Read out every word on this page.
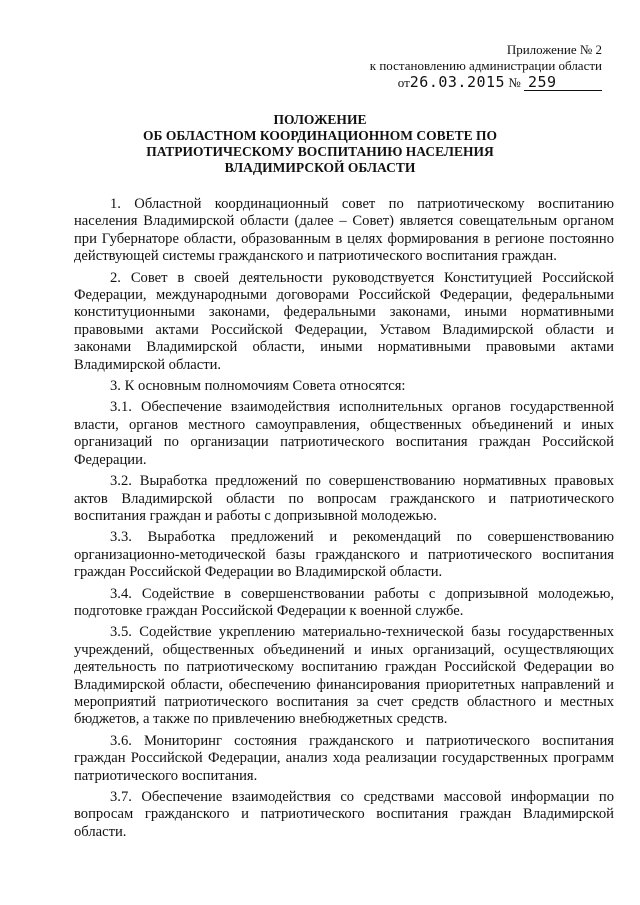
Приложение № 2
к постановлению администрации области
от26.03.2015 № 259
ПОЛОЖЕНИЕ
ОБ ОБЛАСТНОМ КООРДИНАЦИОННОМ СОВЕТЕ ПО
ПАТРИОТИЧЕСКОМУ ВОСПИТАНИЮ НАСЕЛЕНИЯ
ВЛАДИМИРСКОЙ ОБЛАСТИ

1. Областной координационный совет по патриотическому воспитанию населения Владимирской области (далее – Совет) является совещательным органом при Губернаторе области, образованным в целях формирования в регионе постоянно действующей системы гражданского и патриотического воспитания граждан.

2. Совет в своей деятельности руководствуется Конституцией Российской Федерации, международными договорами Российской Федерации, федеральными конституционными законами, федеральными законами, иными нормативными правовыми актами Российской Федерации, Уставом Владимирской области и законами Владимирской области, иными нормативными правовыми актами Владимирской области.

3. К основным полномочиям Совета относятся:

3.1. Обеспечение взаимодействия исполнительных органов государственной власти, органов местного самоуправления, общественных объединений и иных организаций по организации патриотического воспитания граждан Российской Федерации.

3.2. Выработка предложений по совершенствованию нормативных правовых актов Владимирской области по вопросам гражданского и патриотического воспитания граждан и работы с допризывной молодежью.

3.3. Выработка предложений и рекомендаций по совершенствованию организационно-методической базы гражданского и патриотического воспитания граждан Российской Федерации во Владимирской области.

3.4. Содействие в совершенствовании работы с допризывной молодежью, подготовке граждан Российской Федерации к военной службе.

3.5. Содействие укреплению материально-технической базы государственных учреждений, общественных объединений и иных организаций, осуществляющих деятельность по патриотическому воспитанию граждан Российской Федерации во Владимирской области, обеспечению финансирования приоритетных направлений и мероприятий патриотического воспитания за счет средств областного и местных бюджетов, а также по привлечению внебюджетных средств.

3.6. Мониторинг состояния гражданского и патриотического воспитания граждан Российской Федерации, анализ хода реализации государственных программ патриотического воспитания.

3.7. Обеспечение взаимодействия со средствами массовой информации по вопросам гражданского и патриотического воспитания граждан Владимирской области.
